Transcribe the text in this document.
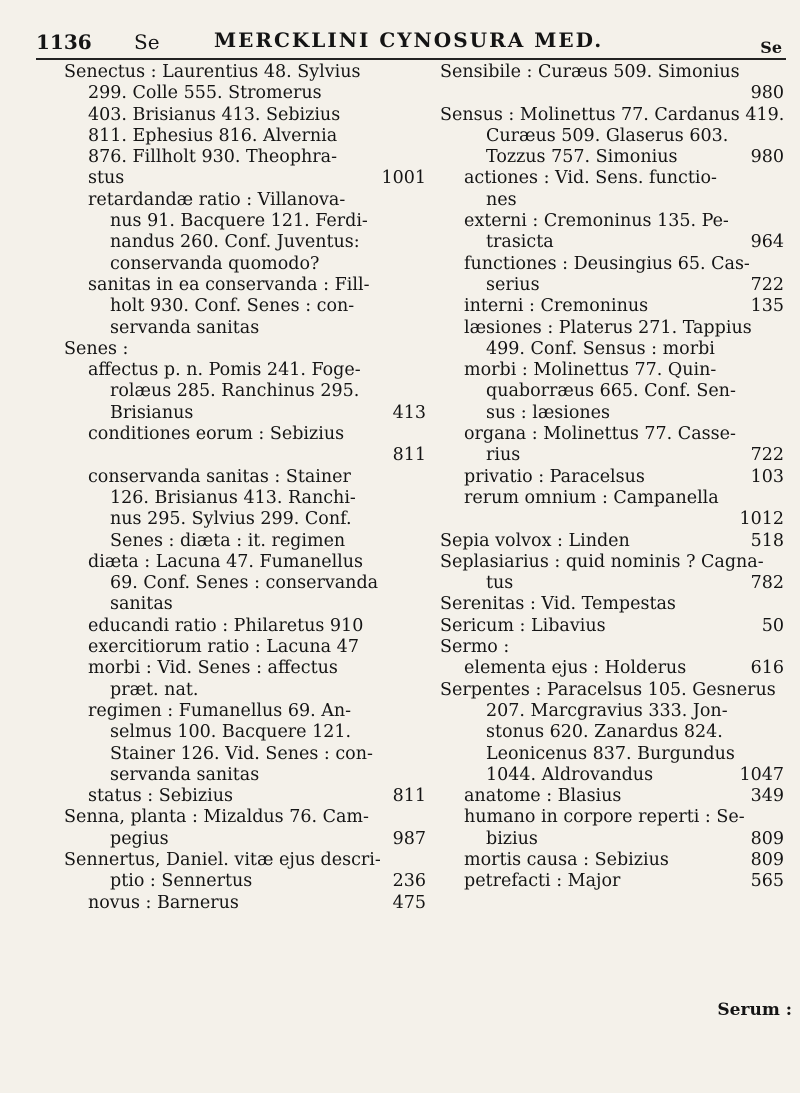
1136 Se	MERCKLINI CYNOSURA MED.	Se
Senectus : Laurentius 48. Sylvius
299. Colle 555. Stromerus
403. Brisianus 413. Sebizius
811. Ephesius 816. Alvernia
876. Fillholt 930. Theophra-
stus	1001
retardandæ ratio : Villanova-
nus 91. Bacquere 121. Ferdi-
nandus 260. Conf. Juventus:
conservanda quomodo?
sanitas in ea conservanda : Fill-
holt 930. Conf. Senes : con-
servanda sanitas
Senes :
affectus p. n. Pomis 241. Foge-
rolæus 285. Ranchinus 295.
Brisianus	413
conditiones eorum : Sebizius
811
conservanda sanitas : Stainer
126. Brisianus 413. Ranchi-
nus 295. Sylvius 299. Conf.
Senes : diæta : it. regimen
diæta : Lacuna 47. Fumanellus
69. Conf. Senes : conservanda
sanitas
educandi ratio : Philaretus 910
exercitiorum ratio : Lacuna 47
morbi : Vid. Senes : affectus
præt. nat.
regimen : Fumanellus 69. An-
selmus 100. Bacquere 121.
Stainer 126. Vid. Senes : con-
servanda sanitas
status : Sebizius	811
Senna, planta : Mizaldus 76. Cam-
pegius	987
Sennertus, Daniel. vitæ ejus descri-
ptio : Sennertus	236
novus : Barnerus	475
Sensibile : Curæus 509. Simonius
980
Sensus : Molinettus 77. Cardanus 419.
Curæus 509. Glaserus 603.
Tozzus 757. Simonius	980
actiones : Vid. Sens. functio-
nes
externi : Cremoninus 135. Pe-
trasicta	964
functiones : Deusingius 65. Cas-
serius	722
interni : Cremoninus	135
læsiones : Platerus 271. Tappius
499. Conf. Sensus : morbi
morbi : Molinettus 77. Quin-
quaborræus 665. Conf. Sen-
sus : læsiones
organa : Molinettus 77. Casse-
rius	722
privatio : Paracelsus	103
rerum omnium : Campanella
1012
Sepia volvox : Linden	518
Seplasiarius : quid nominis ? Cagna-
tus	782
Serenitas : Vid. Tempestas
Sericum : Libavius	50
Sermo :
elementa ejus : Holderus	616
Serpentes : Paracelsus 105. Gesnerus
207. Marcgravius 333. Jon-
stonus 620. Zanardus 824.
Leonicenus 837. Burgundus
1044. Aldrovandus	1047
anatome : Blasius	349
humano in corpore reperti : Se-
bizius	809
mortis causa : Sebizius	809
petrefacti : Major	565
Serum :
